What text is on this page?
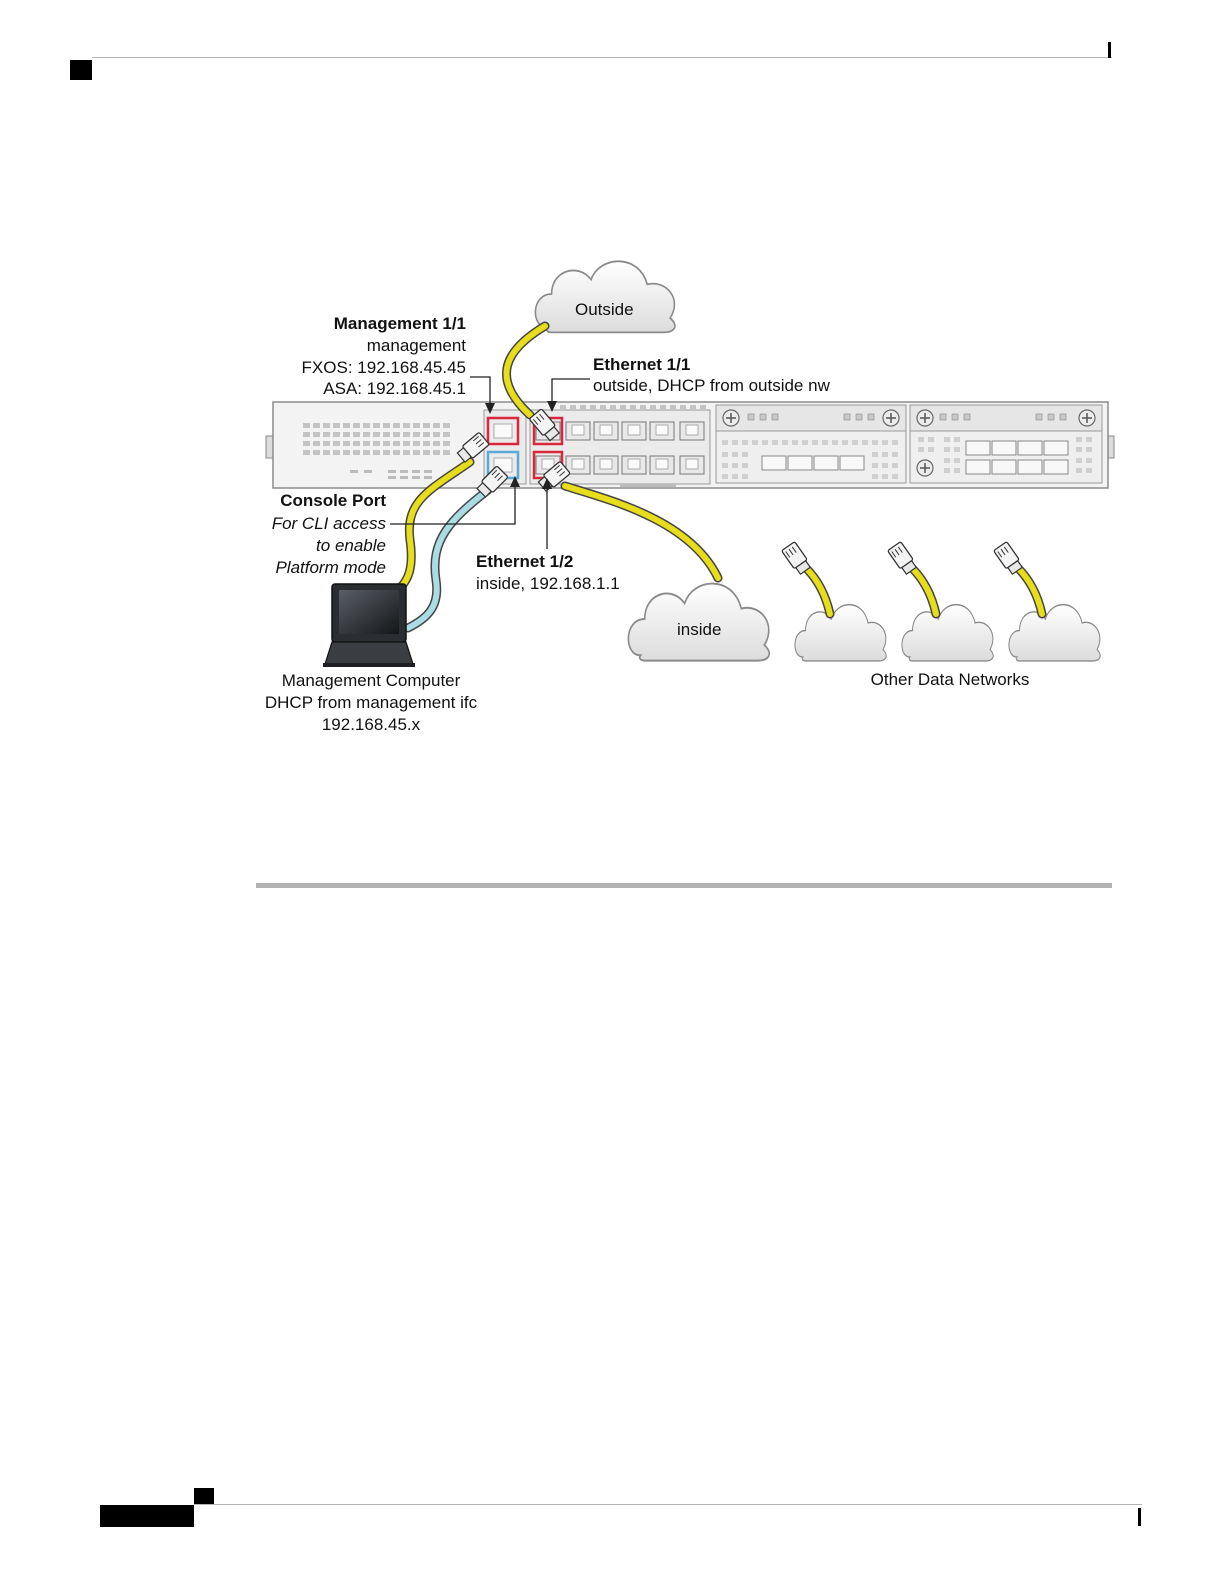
Management 1/1
management
FXOS: 192.168.45.45
ASA: 192.168.45.1
Ethernet 1/1
outside, DHCP from outside nw
Outside
inside
Console Port
For CLI access
to enable
Platform mode	Ethernet 1/2
inside, 192.168.1.1
Management Computer
DHCP from management ifc
192.168.45.x
Other Data Networks
